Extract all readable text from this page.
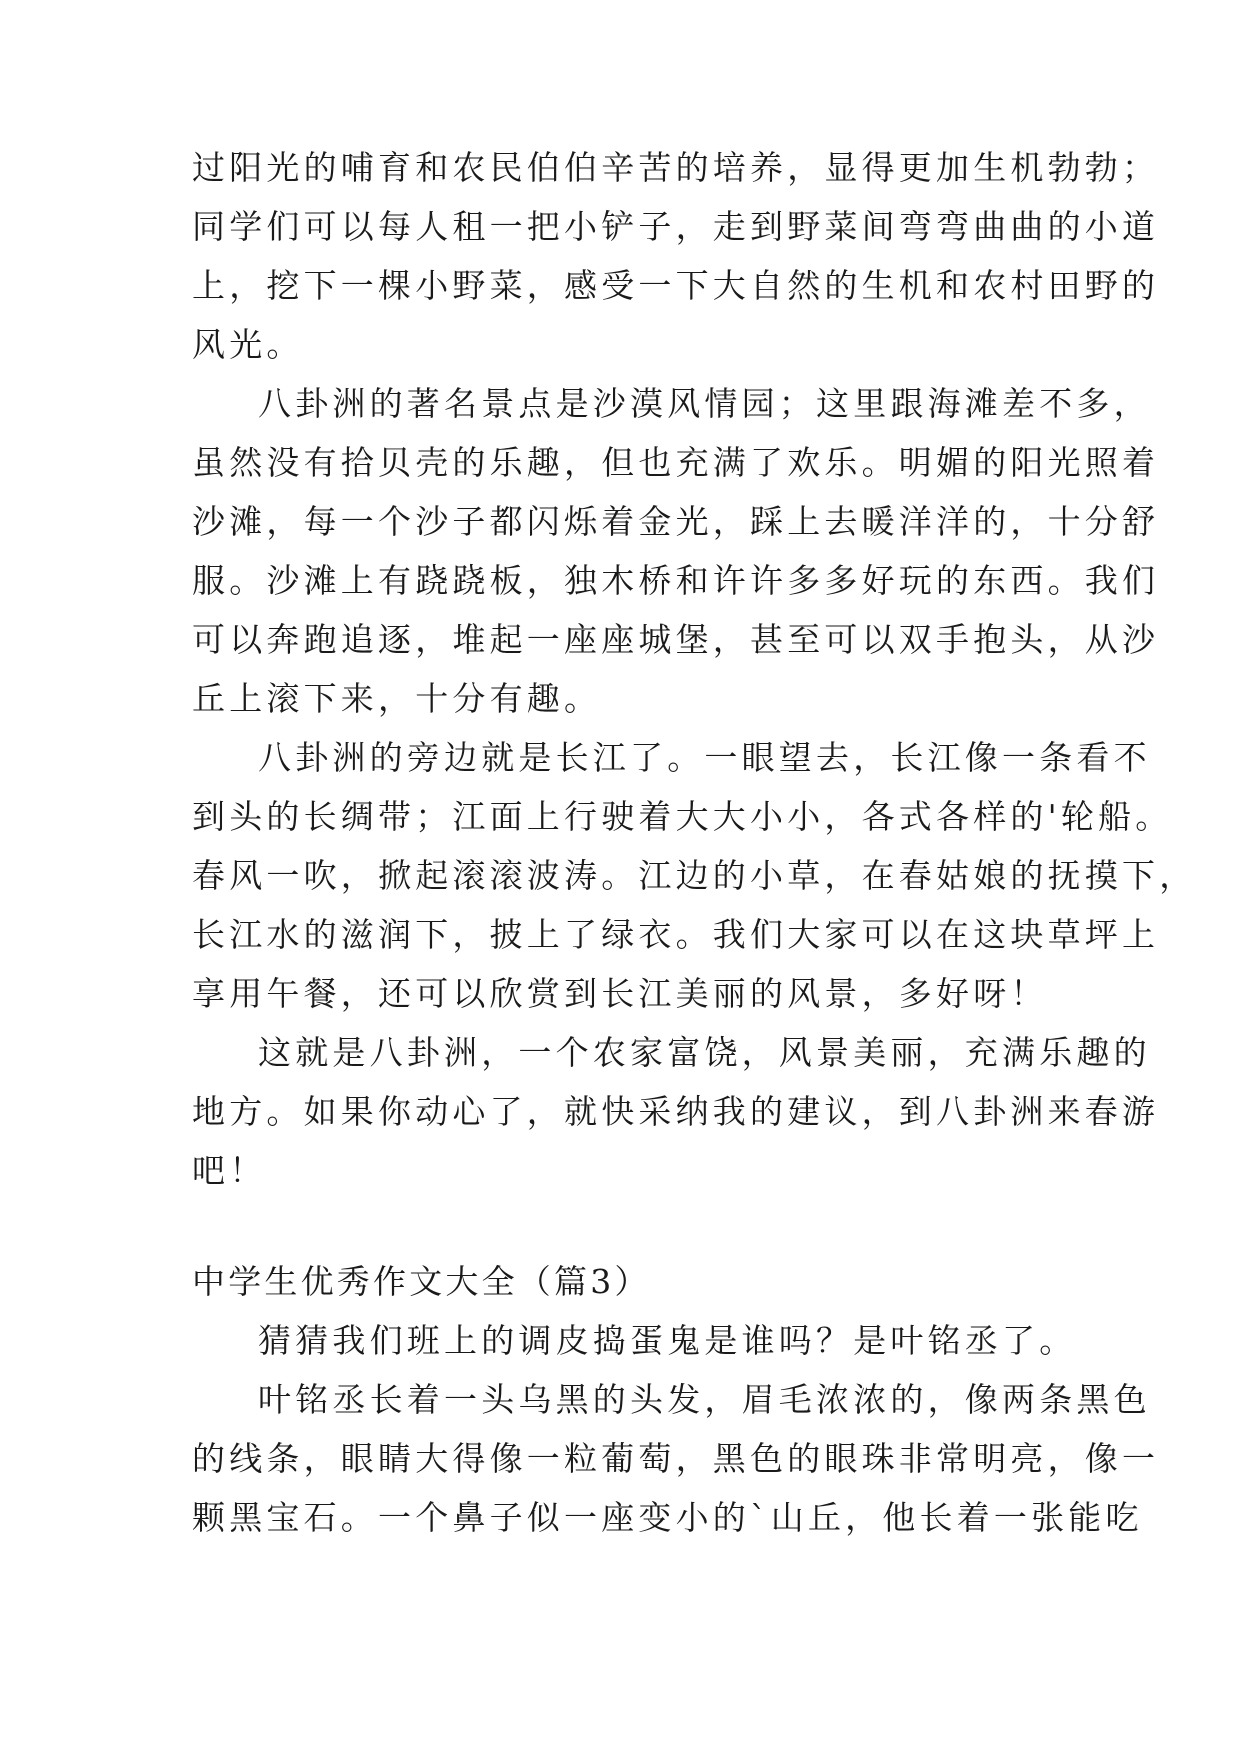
过阳光的哺育和农民伯伯辛苦的培养，显得更加生机勃勃；
同学们可以每人租一把小铲子，走到野菜间弯弯曲曲的小道
上，挖下一棵小野菜，感受一下大自然的生机和农村田野的
风光。
八卦洲的著名景点是沙漠风情园；这里跟海滩差不多，
虽然没有拾贝壳的乐趣，但也充满了欢乐。明媚的阳光照着
沙滩，每一个沙子都闪烁着金光，踩上去暖洋洋的，十分舒
服。沙滩上有跷跷板，独木桥和许许多多好玩的东西。我们
可以奔跑追逐，堆起一座座城堡，甚至可以双手抱头，从沙
丘上滚下来，十分有趣。
八卦洲的旁边就是长江了。一眼望去，长江像一条看不
到头的长绸带；江面上行驶着大大小小，各式各样的'轮船。
春风一吹，掀起滚滚波涛。江边的小草，在春姑娘的抚摸下，
长江水的滋润下，披上了绿衣。我们大家可以在这块草坪上
享用午餐，还可以欣赏到长江美丽的风景，多好呀！
这就是八卦洲，一个农家富饶，风景美丽，充满乐趣的
地方。如果你动心了，就快采纳我的建议，到八卦洲来春游
吧！
中学生优秀作文大全（篇3）
猜猜我们班上的调皮捣蛋鬼是谁吗？是叶铭丞了。
叶铭丞长着一头乌黑的头发，眉毛浓浓的，像两条黑色
的线条，眼睛大得像一粒葡萄，黑色的眼珠非常明亮，像一
颗黑宝石。一个鼻子似一座变小的`山丘，他长着一张能吃
